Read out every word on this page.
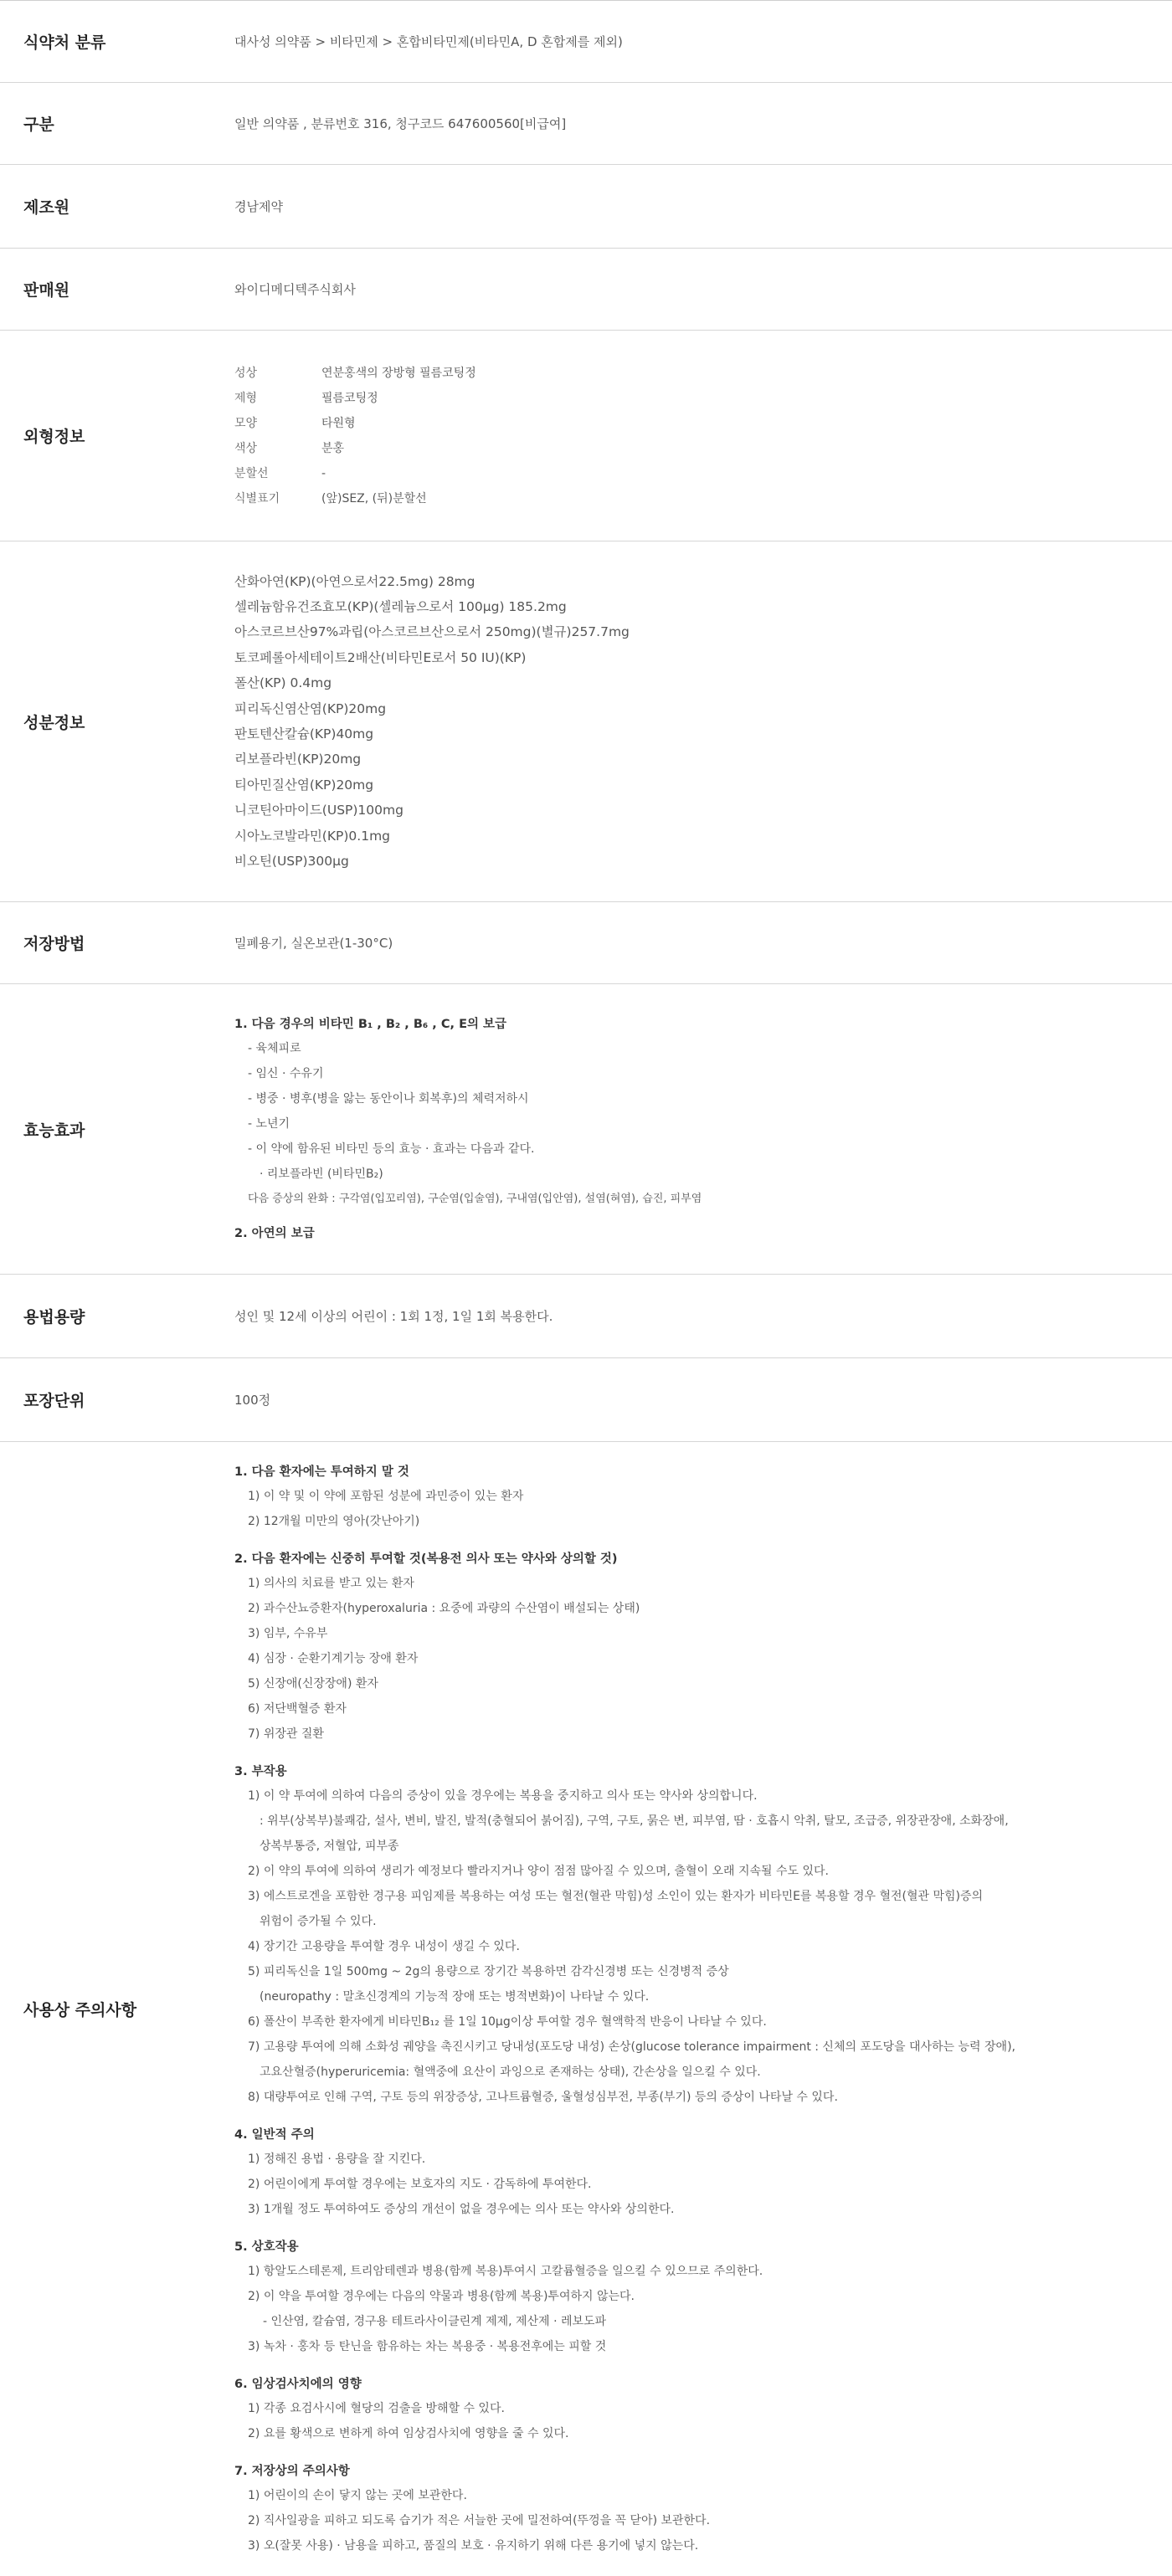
식약처 분류	대사성 의약품 > 비타민제 > 혼합비타민제(비타민A, D 혼합제를 제외)
구분	일반 의약품 , 분류번호 316, 청구코드 647600560[비급여]
제조원	경남제약
판매원	와이디메디텍주식회사
외형정보
성상	연분홍색의 장방형 필름코팅정
제형	필름코팅정
모양	타원형
색상	분홍
분할선	-
식별표기	(앞)SEZ, (뒤)분할선
성분정보
산화아연(KP)(아연으로서22.5mg) 28mg
셀레늄함유건조효모(KP)(셀레늄으로서 100μg) 185.2mg
아스코르브산97%과립(아스코르브산으로서 250mg)(별규)257.7mg
토코페롤아세테이트2배산(비타민E로서 50 IU)(KP)
폴산(KP) 0.4mg
피리독신염산염(KP)20mg
판토텐산칼슘(KP)40mg
리보플라빈(KP)20mg
티아민질산염(KP)20mg
니코틴아마이드(USP)100mg
시아노코발라민(KP)0.1mg
비오틴(USP)300μg
저장방법	밀폐용기, 실온보관(1-30°C)
효능효과
1. 다음 경우의 비타민 B₁ , B₂ , B₆ , C, E의 보급
- 육체피로
- 임신 · 수유기
- 병중 · 병후(병을 앓는 동안이나 회복후)의 체력저하시
- 노년기
- 이 약에 함유된 비타민 등의 효능 · 효과는 다음과 같다.
· 리보플라빈 (비타민B₂)
다음 증상의 완화 : 구각염(입꼬리염), 구순염(입술염), 구내염(입안염), 설염(혀염), 습진, 피부염
2. 아연의 보급
용법용량	성인 및 12세 이상의 어린이 : 1회 1정, 1일 1회 복용한다.
포장단위	100정
사용상 주의사항
1. 다음 환자에는 투여하지 말 것
1) 이 약 및 이 약에 포함된 성분에 과민증이 있는 환자
2) 12개월 미만의 영아(갓난아기)
2. 다음 환자에는 신중히 투여할 것(복용전 의사 또는 약사와 상의할 것)
1) 의사의 치료를 받고 있는 환자
2) 과수산뇨증환자(hyperoxaluria : 요중에 과량의 수산염이 배설되는 상태)
3) 임부, 수유부
4) 심장 · 순환기계기능 장애 환자
5) 신장애(신장장애) 환자
6) 저단백혈증 환자
7) 위장관 질환
3. 부작용
1) 이 약 투여에 의하여 다음의 증상이 있을 경우에는 복용을 중지하고 의사 또는 약사와 상의합니다.
: 위부(상복부)불쾌감, 설사, 변비, 발진, 발적(충혈되어 붉어짐), 구역, 구토, 묽은 변, 피부염, 땀 · 호흡시 악취, 탈모, 조급증, 위장관장애, 소화장애,
상복부통증, 저혈압, 피부종
2) 이 약의 투여에 의하여 생리가 예정보다 빨라지거나 양이 점점 많아질 수 있으며, 출혈이 오래 지속될 수도 있다.
3) 에스트로겐을 포함한 경구용 피임제를 복용하는 여성 또는 혈전(혈관 막힘)성 소인이 있는 환자가 비타민E를 복용할 경우 혈전(혈관 막힘)증의
위험이 증가될 수 있다.
4) 장기간 고용량을 투여할 경우 내성이 생길 수 있다.
5) 피리독신을 1일 500mg ~ 2g의 용량으로 장기간 복용하면 감각신경병 또는 신경병적 증상
(neuropathy : 말초신경계의 기능적 장애 또는 병적변화)이 나타날 수 있다.
6) 폴산이 부족한 환자에게 비타민B₁₂ 를 1일 10μg이상 투여할 경우 혈액학적 반응이 나타날 수 있다.
7) 고용량 투여에 의해 소화성 궤양을 촉진시키고 당내성(포도당 내성) 손상(glucose tolerance impairment : 신체의 포도당을 대사하는 능력 장애),
고요산혈증(hyperuricemia: 혈액중에 요산이 과잉으로 존재하는 상태), 간손상을 일으킬 수 있다.
8) 대량투여로 인해 구역, 구토 등의 위장증상, 고나트륨혈증, 울혈성심부전, 부종(부기) 등의 증상이 나타날 수 있다.
4. 일반적 주의
1) 정해진 용법 · 용량을 잘 지킨다.
2) 어린이에게 투여할 경우에는 보호자의 지도 · 감독하에 투여한다.
3) 1개월 정도 투여하여도 증상의 개선이 없을 경우에는 의사 또는 약사와 상의한다.
5. 상호작용
1) 항알도스테론제, 트리암테렌과 병용(함께 복용)투여시 고칼륨혈증을 일으킬 수 있으므로 주의한다.
2) 이 약을 투여할 경우에는 다음의 약물과 병용(함께 복용)투여하지 않는다.
- 인산염, 칼슘염, 경구용 테트라사이클린계 제제, 제산제 · 레보도파
3) 녹차 · 홍차 등 탄닌을 함유하는 차는 복용중 · 복용전후에는 피할 것
6. 임상검사치에의 영향
1) 각종 요검사시에 혈당의 검출을 방해할 수 있다.
2) 요를 황색으로 변하게 하여 임상검사치에 영향을 줄 수 있다.
7. 저장상의 주의사항
1) 어린이의 손이 닿지 않는 곳에 보관한다.
2) 직사일광을 피하고 되도록 습기가 적은 서늘한 곳에 밀전하여(뚜껑을 꼭 닫아) 보관한다.
3) 오(잘못 사용) · 남용을 피하고, 품질의 보호 · 유지하기 위해 다른 용기에 넣지 않는다.
